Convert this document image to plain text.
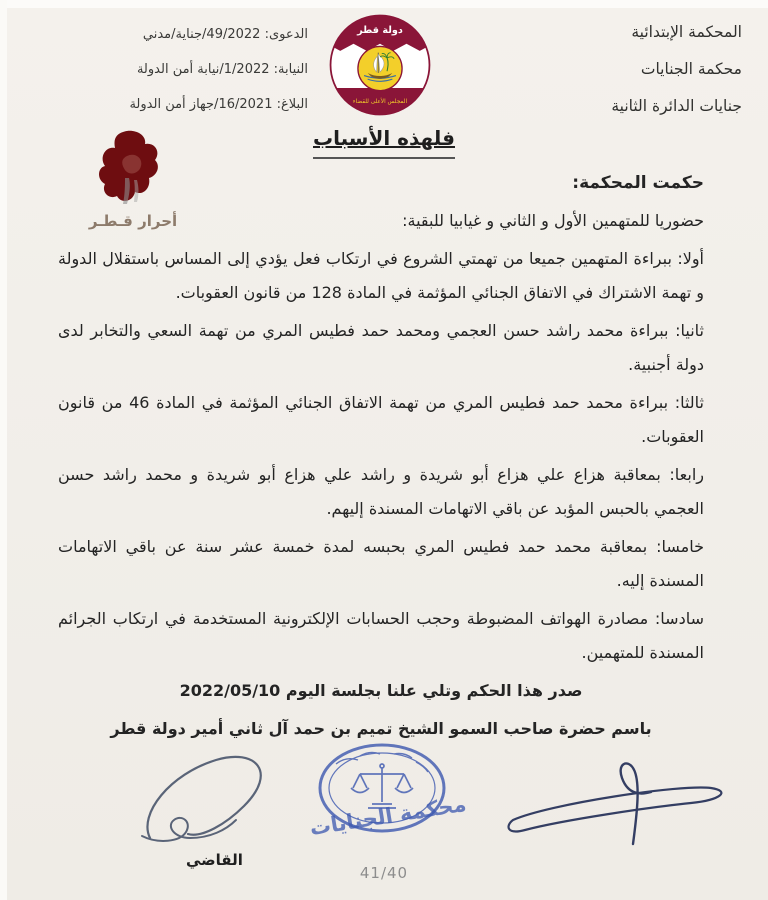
المحكمة الإبتدائية
محكمة الجنايات
جنايات الدائرة الثانية
الدعوى: 49/2022/جناية/مدني
النيابة: 1/2022/نيابة أمن الدولة
البلاغ: 16/2021/جهاز أمن الدولة
دولة قطر
المجلس الأعلى للقضاء
فلهذه الأسباب
أحرار قـطـر

حكمت المحكمة:

حضوريا للمتهمين الأول و الثاني و غيابيا للبقية:

أولا: ببراءة المتهمين جميعا من تهمتي الشروع في ارتكاب فعل يؤدي إلى المساس باستقلال الدولة و تهمة الاشتراك في الاتفاق الجنائي المؤثمة في المادة 128 من قانون العقوبات.

ثانيا: ببراءة محمد راشد حسن العجمي ومحمد حمد فطيس المري من تهمة السعي والتخابر لدى دولة أجنبية.

ثالثا: ببراءة محمد حمد فطيس المري من تهمة الاتفاق الجنائي المؤثمة في المادة 46 من قانون العقوبات.

رابعا: بمعاقبة هزاع علي هزاع أبو شريدة و راشد علي هزاع أبو شريدة و محمد راشد حسن العجمي بالحبس المؤبد عن باقي الاتهامات المسندة إليهم.

خامسا: بمعاقبة محمد حمد فطيس المري بحبسه لمدة خمسة عشر سنة عن باقي الاتهامات المسندة إليه.

سادسا: مصادرة الهواتف المضبوطة وحجب الحسابات الإلكترونية المستخدمة في ارتكاب الجرائم المسندة للمتهمين.

صدر هذا الحكم وتلي علنا بجلسة اليوم 2022/05/10

باسم حضرة صاحب السمو الشيخ تميم بن حمد آل ثاني أمير دولة قطر

القاضي
محكمة الجنايات
41/40
